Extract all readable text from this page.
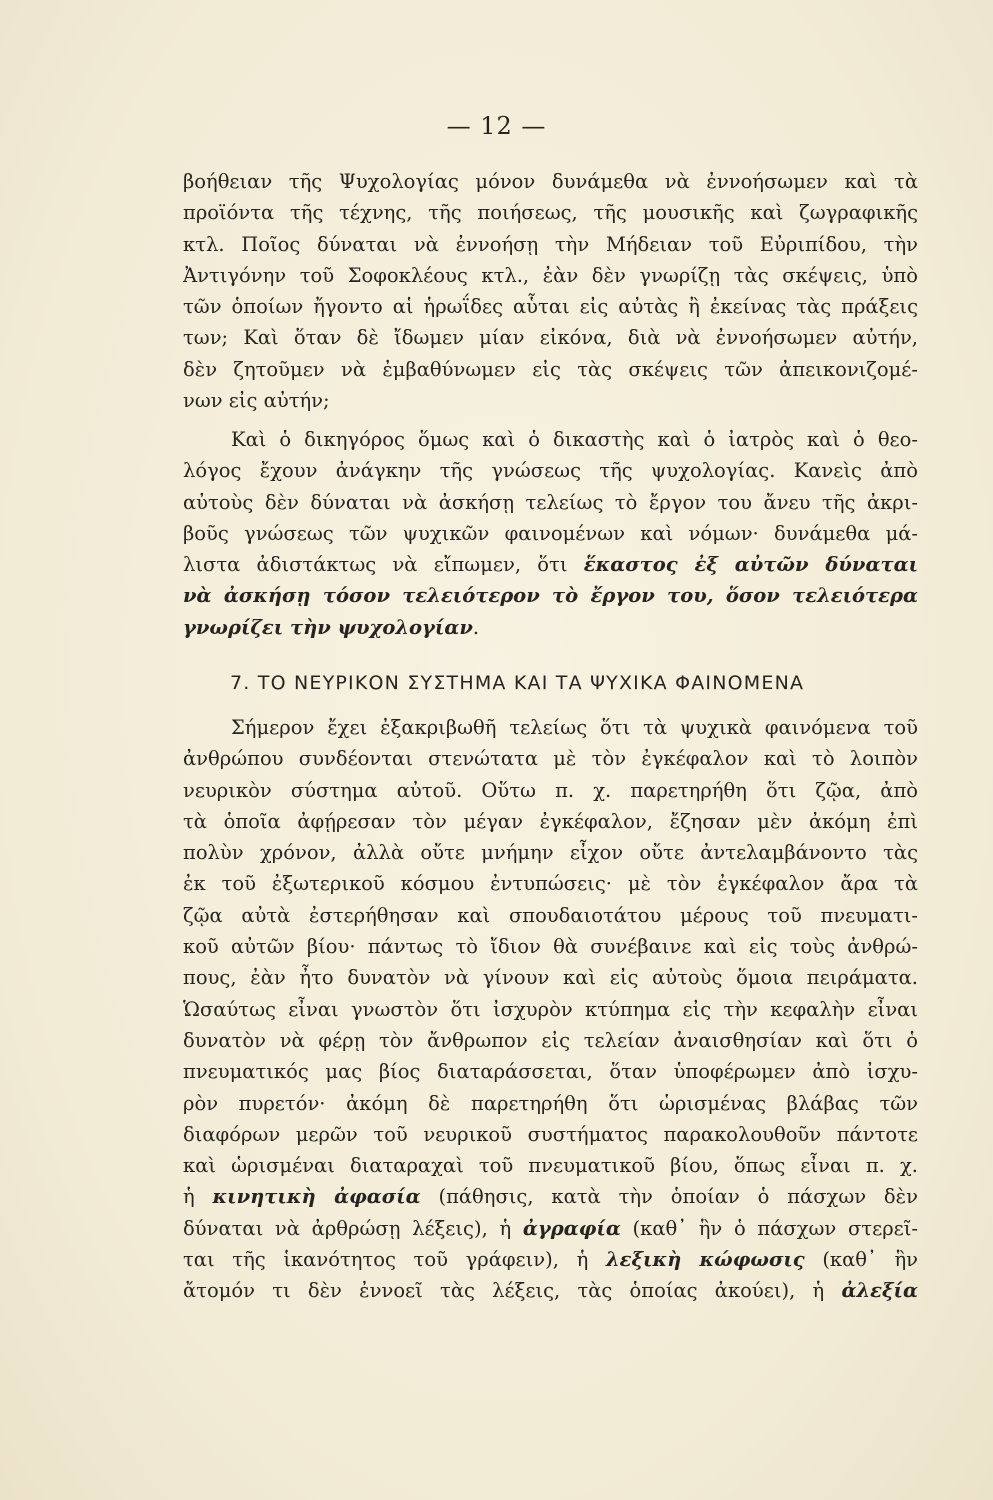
— 12 —
βοήθειαν τῆς Ψυχολογίας μόνον δυνάμεθα νὰ ἐννοήσωμεν καὶ τὰ
προϊόντα τῆς τέχνης, τῆς ποιήσεως, τῆς μουσικῆς καὶ ζωγραφικῆς
κτλ. Ποῖος δύναται νὰ ἐννοήσῃ τὴν Μήδειαν τοῦ Εὐριπίδου, τὴν
Ἀντιγόνην τοῦ Σοφοκλέους κτλ., ἐὰν δὲν γνωρίζῃ τὰς σκέψεις, ὑπὸ
τῶν ὁποίων ἤγοντο αἱ ἡρωΐδες αὗται εἰς αὐτὰς ἢ ἐκείνας τὰς πράξεις
των; Καὶ ὅταν δὲ ἴδωμεν μίαν εἰκόνα, διὰ νὰ ἐννοήσωμεν αὐτήν,
δὲν ζητοῦμεν νὰ ἐμβαθύνωμεν εἰς τὰς σκέψεις τῶν ἀπεικονιζομέ-
νων εἰς αὐτήν;
Καὶ ὁ δικηγόρος ὅμως καὶ ὁ δικαστὴς καὶ ὁ ἰατρὸς καὶ ὁ θεο-
λόγος ἔχουν ἀνάγκην τῆς γνώσεως τῆς ψυχολογίας. Κανεὶς ἀπὸ
αὐτοὺς δὲν δύναται νὰ ἀσκήσῃ τελείως τὸ ἔργον του ἄνευ τῆς ἀκρι-
βοῦς γνώσεως τῶν ψυχικῶν φαινομένων καὶ νόμων· δυνάμεθα μά-
λιστα ἀδιστάκτως νὰ εἴπωμεν, ὅτι ἕκαστος ἐξ αὐτῶν δύναται
νὰ ἀσκήσῃ τόσον τελειότερον τὸ ἔργον του, ὅσον τελειότερα
γνωρίζει τὴν ψυχολογίαν.
7. ΤΟ ΝΕΥΡΙΚΟΝ ΣΥΣΤΗΜΑ ΚΑΙ ΤΑ ΨΥΧΙΚΑ ΦΑΙΝΟΜΕΝΑ
Σήμερον ἔχει ἐξακριβωθῆ τελείως ὅτι τὰ ψυχικὰ φαινόμενα τοῦ
ἀνθρώπου συνδέονται στενώτατα μὲ τὸν ἐγκέφαλον καὶ τὸ λοιπὸν
νευρικὸν σύστημα αὐτοῦ. Οὕτω π. χ. παρετηρήθη ὅτι ζῷα, ἀπὸ
τὰ ὁποῖα ἀφῄρεσαν τὸν μέγαν ἐγκέφαλον, ἔζησαν μὲν ἀκόμη ἐπὶ
πολὺν χρόνον, ἀλλὰ οὔτε μνήμην εἶχον οὔτε ἀντελαμβάνοντο τὰς
ἐκ τοῦ ἐξωτερικοῦ κόσμου ἐντυπώσεις· μὲ τὸν ἐγκέφαλον ἄρα τὰ
ζῷα αὐτὰ ἐστερήθησαν καὶ σπουδαιοτάτου μέρους τοῦ πνευματι-
κοῦ αὐτῶν βίου· πάντως τὸ ἴδιον θὰ συνέβαινε καὶ εἰς τοὺς ἀνθρώ-
πους, ἐὰν ἦτο δυνατὸν νὰ γίνουν καὶ εἰς αὐτοὺς ὅμοια πειράματα.
Ὡσαύτως εἶναι γνωστὸν ὅτι ἰσχυρὸν κτύπημα εἰς τὴν κεφαλὴν εἶναι
δυνατὸν νὰ φέρῃ τὸν ἄνθρωπον εἰς τελείαν ἀναισθησίαν καὶ ὅτι ὁ
πνευματικός μας βίος διαταράσσεται, ὅταν ὑποφέρωμεν ἀπὸ ἰσχυ-
ρὸν πυρετόν· ἀκόμη δὲ παρετηρήθη ὅτι ὡρισμένας βλάβας τῶν
διαφόρων μερῶν τοῦ νευρικοῦ συστήματος παρακολουθοῦν πάντοτε
καὶ ὡρισμέναι διαταραχαὶ τοῦ πνευματικοῦ βίου, ὅπως εἶναι π. χ.
ἡ κινητικὴ ἀφασία (πάθησις, κατὰ τὴν ὁποίαν ὁ πάσχων δὲν
δύναται νὰ ἀρθρώσῃ λέξεις), ἡ ἀγραφία (καθ᾽ ἣν ὁ πάσχων στερεῖ-
ται τῆς ἱκανότητος τοῦ γράφειν), ἡ λεξικὴ κώφωσις (καθ᾽ ἣν
ἄτομόν τι δὲν ἐννοεῖ τὰς λέξεις, τὰς ὁποίας ἀκούει), ἡ ἀλεξία
